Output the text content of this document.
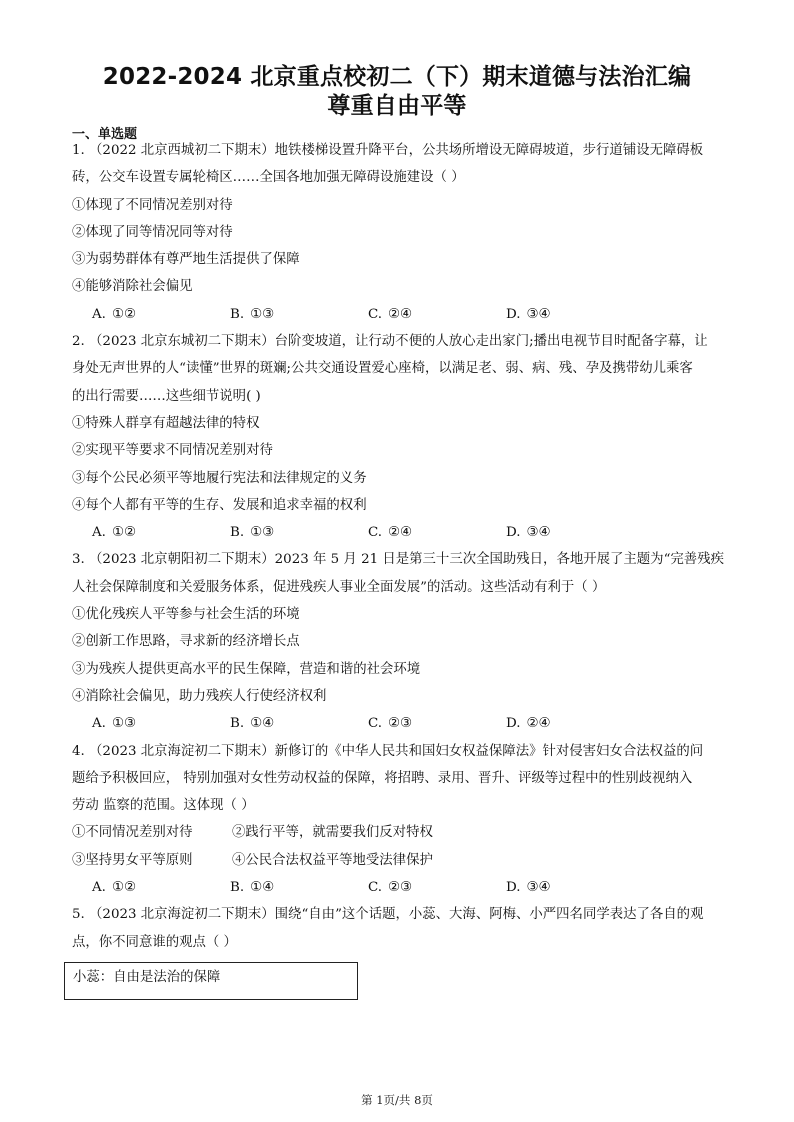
2022-2024 北京重点校初二（下）期末道德与法治汇编
尊重自由平等
一、单选题
1. （2022 北京西城初二下期末）地铁楼梯设置升降平台，公共场所增设无障碍坡道，步行道铺设无障碍板
砖，公交车设置专属轮椅区……全国各地加强无障碍设施建设（ ）
①体现了不同情况差别对待
②体现了同等情况同等对待
③为弱势群体有尊严地生活提供了保障
④能够消除社会偏见
A. ①②	B. ①③	C. ②④	D. ③④
2. （2023 北京东城初二下期末）台阶变坡道，让行动不便的人放心走出家门;播出电视节目时配备字幕，让
身处无声世界的人“读懂”世界的斑斓;公共交通设置爱心座椅，以满足老、弱、病、残、孕及携带幼儿乘客
的出行需要……这些细节说明( )
①特殊人群享有超越法律的特权
②实现平等要求不同情况差别对待
③每个公民必须平等地履行宪法和法律规定的义务
④每个人都有平等的生存、发展和追求幸福的权利
A. ①②	B. ①③	C. ②④	D. ③④
3. （2023 北京朝阳初二下期末）2023 年 5 月 21 日是第三十三次全国助残日，各地开展了主题为“完善残疾
人社会保障制度和关爱服务体系，促进残疾人事业全面发展”的活动。这些活动有利于（ ）
①优化残疾人平等参与社会生活的环境
②创新工作思路，寻求新的经济增长点
③为残疾人提供更高水平的民生保障，营造和谐的社会环境
④消除社会偏见，助力残疾人行使经济权利
A. ①③	B. ①④	C. ②③	D. ②④
4. （2023 北京海淀初二下期末）新修订的《中华人民共和国妇女权益保障法》针对侵害妇女合法权益的问
题给予积极回应， 特别加强对女性劳动权益的保障，将招聘、录用、晋升、评级等过程中的性别歧视纳入
劳动 监察的范围。这体现（ ）
①不同情况差别对待	②践行平等，就需要我们反对特权
③坚持男女平等原则	④公民合法权益平等地受法律保护
A. ①②	B. ①④	C. ②③	D. ③④
5. （2023 北京海淀初二下期末）围绕“自由”这个话题，小蕊、大海、阿梅、小严四名同学表达了各自的观
点，你不同意谁的观点（ ）
小蕊：自由是法治的保障
第 1页/共 8页
